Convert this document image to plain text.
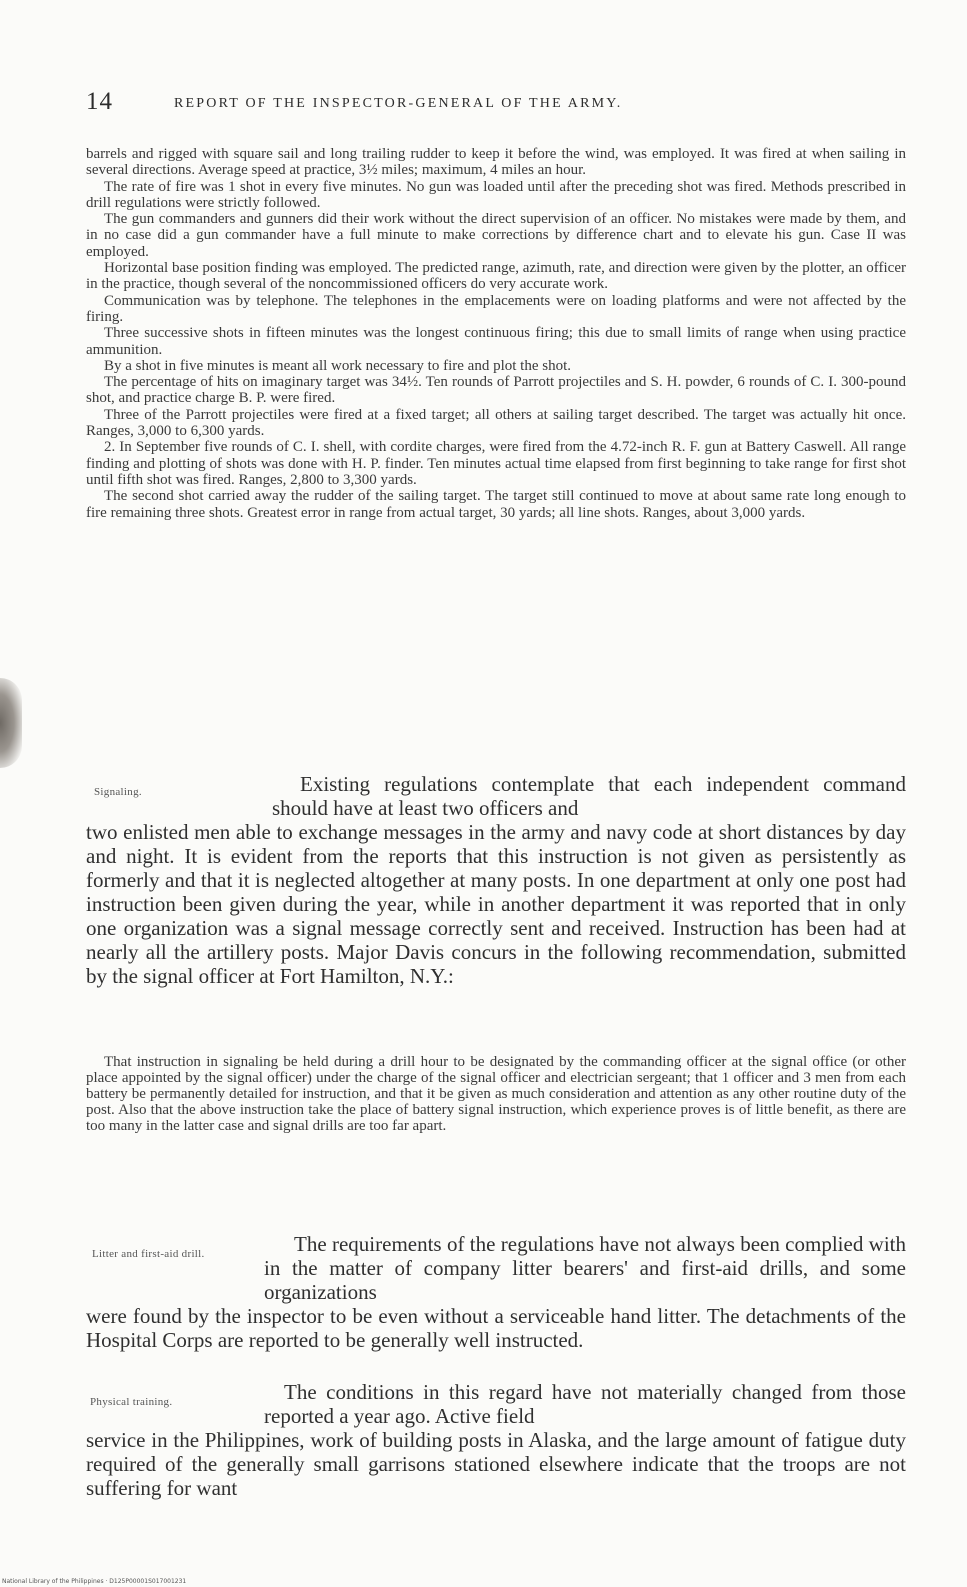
14	REPORT OF THE INSPECTOR-GENERAL OF THE ARMY.

barrels and rigged with square sail and long trailing rudder to keep it before the wind, was employed. It was fired at when sailing in several directions. Average speed at practice, 3½ miles; maximum, 4 miles an hour.

The rate of fire was 1 shot in every five minutes. No gun was loaded until after the preceding shot was fired. Methods prescribed in drill regulations were strictly followed.

The gun commanders and gunners did their work without the direct supervision of an officer. No mistakes were made by them, and in no case did a gun commander have a full minute to make corrections by difference chart and to elevate his gun. Case II was employed.

Horizontal base position finding was employed. The predicted range, azimuth, rate, and direction were given by the plotter, an officer in the practice, though several of the noncommissioned officers do very accurate work.

Communication was by telephone. The telephones in the emplacements were on loading platforms and were not affected by the firing.

Three successive shots in fifteen minutes was the longest continuous firing; this due to small limits of range when using practice ammunition.

By a shot in five minutes is meant all work necessary to fire and plot the shot.

The percentage of hits on imaginary target was 34½. Ten rounds of Parrott projectiles and S. H. powder, 6 rounds of C. I. 300-pound shot, and practice charge B. P. were fired.

Three of the Parrott projectiles were fired at a fixed target; all others at sailing target described. The target was actually hit once. Ranges, 3,000 to 6,300 yards.

2. In September five rounds of C. I. shell, with cordite charges, were fired from the 4.72-inch R. F. gun at Battery Caswell. All range finding and plotting of shots was done with H. P. finder. Ten minutes actual time elapsed from first beginning to take range for first shot until fifth shot was fired. Ranges, 2,800 to 3,300 yards.

The second shot carried away the rudder of the sailing target. The target still continued to move at about same rate long enough to fire remaining three shots. Greatest error in range from actual target, 30 yards; all line shots. Ranges, about 3,000 yards.

Signaling.	Existing regulations contemplate that each independent command should have at least two officers and

two enlisted men able to exchange messages in the army and navy code at short distances by day and night. It is evident from the reports that this instruction is not given as persistently as formerly and that it is neglected altogether at many posts. In one department at only one post had instruction been given during the year, while in another department it was reported that in only one organization was a signal message correctly sent and received. Instruction has been had at nearly all the artillery posts. Major Davis concurs in the following recommendation, submitted by the signal officer at Fort Hamilton, N.Y.:

That instruction in signaling be held during a drill hour to be designated by the commanding officer at the signal office (or other place appointed by the signal officer) under the charge of the signal officer and electrician sergeant; that 1 officer and 3 men from each battery be permanently detailed for instruction, and that it be given as much consideration and attention as any other routine duty of the post. Also that the above instruction take the place of battery signal instruction, which experience proves is of little benefit, as there are too many in the latter case and signal drills are too far apart.

Litter and first-aid drill.	The requirements of the regulations have not always been complied with in the matter of company litter bearers' and first-aid drills, and some organizations

were found by the inspector to be even without a serviceable hand litter. The detachments of the Hospital Corps are reported to be generally well instructed.

Physical training.	The conditions in this regard have not materially changed from those reported a year ago. Active field

service in the Philippines, work of building posts in Alaska, and the large amount of fatigue duty required of the generally small garrisons stationed elsewhere indicate that the troops are not suffering for want

National Library of the Philippines · D125P00001S017001231
